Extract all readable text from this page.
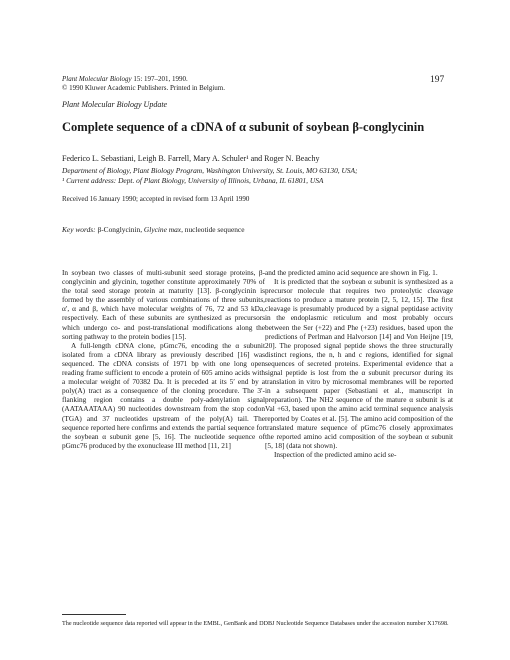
Plant Molecular Biology 15: 197–201, 1990.
© 1990 Kluwer Academic Publishers. Printed in Belgium.
197
Plant Molecular Biology Update
Complete sequence of a cDNA of α subunit of soybean β-conglycinin
Federico L. Sebastiani, Leigh B. Farrell, Mary A. Schuler¹ and Roger N. Beachy
Department of Biology, Plant Biology Program, Washington University, St. Louis, MO 63130, USA;
¹ Current address: Dept. of Plant Biology, University of Illinois, Urbana, IL 61801, USA
Received 16 January 1990; accepted in revised form 13 April 1990
Key words: β-Conglycinin, Glycine max, nucleotide sequence

In soybean two classes of multi-subunit seed storage proteins, β-conglycinin and glycinin, together constitute approximately 70% of the total seed storage protein at maturity [13]. β-conglycinin is formed by the assembly of various combinations of three subunits, α′, α and β, which have molecular weights of 76, 72 and 53 kDa, respectively. Each of these subunits are synthesized as precursors which undergo co- and post-translational modifications along the sorting pathway to the protein bodies [15].

A full-length cDNA clone, pGmc76, encoding the α subunit isolated from a cDNA library as previously described [16] was sequenced. The cDNA consists of 1971 bp with one long open reading frame sufficient to encode a protein of 605 amino acids with a molecular weight of 70382 Da. It is preceded at its 5′ end by a poly(A) tract as a consequence of the cloning procedure. The 3′-flanking region contains a double poly-adenylation signal (AATAAATAAA) 90 nucleotides downstream from the stop codon (TGA) and 37 nucleotides upstream of the poly(A) tail. The sequence reported here confirms and extends the partial sequence for the soybean α subunit gene [5, 16]. The nucleotide sequence of pGmc76 produced by the exonuclease III method [11, 21]

and the predicted amino acid sequence are shown in Fig. 1.

It is predicted that the soybean α subunit is synthesized as a precursor molecule that requires two proteolytic cleavage reactions to produce a mature protein [2, 5, 12, 15]. The first cleavage is presumably produced by a signal peptidase activity in the endoplasmic reticulum and most probably occurs between the Ser (+22) and Phe (+23) residues, based upon the predictions of Perlman and Halvorson [14] and Von Heijne [19, 20]. The proposed signal peptide shows the three structurally distinct regions, the n, h and c regions, identified for signal sequences of secreted proteins. Experimental evidence that a signal peptide is lost from the α subunit precursor during its translation in vitro by microsomal membranes will be reported in a subsequent paper (Sebastiani et al., manuscript in preparation). The NH2 sequence of the mature α subunit is at Val +63, based upon the amino acid terminal sequence analysis reported by Coates et al. [5]. The amino acid composition of the translated mature sequence of pGmc76 closely approximates the reported amino acid composition of the soybean α subunit [5, 18] (data not shown).

Inspection of the predicted amino acid se-

The nucleotide sequence data reported will appear in the EMBL, GenBank and DDBJ Nucleotide Sequence Databases under the accession number X17698.
